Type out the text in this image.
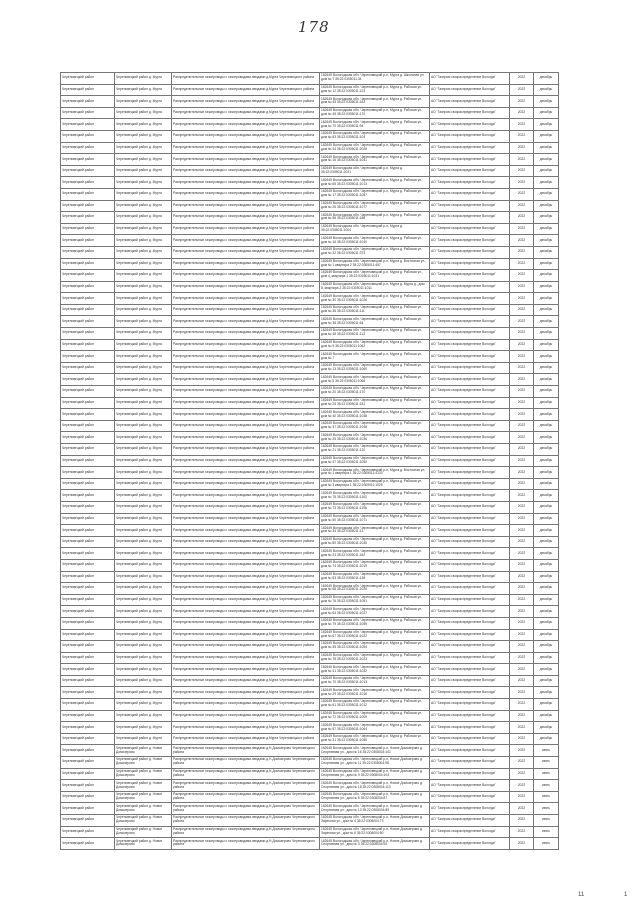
178
Череповецкий район	Череповецкий район д. Мурга	Распределительные газопроводы с газопроводами-вводами д.Мурга Череповецкого района	162649 Вологодская обл. Череповецкий р-н, Мурга д. Школьная ул. дом № 7 35:22:0305011:34	АО "Газпром газораспределение Вологда"	2022	декабрь
Череповецкий район	Череповецкий район д. Мурга	Распределительные газопроводы с газопроводами-вводами д.Мурга Череповецкого района	162649 Вологодская обл. Череповецкий р-н, Мурга д. Рабочая ул. дом № 12 35:22:0305011:123	АО "Газпром газораспределение Вологда"	2022	декабрь
Череповецкий район	Череповецкий район д. Мурга	Распределительные газопроводы с газопроводами-вводами д.Мурга Череповецкого района	162649 Вологодская обл. Череповецкий р-н, Мурга д. Рабочая ул. дом № 45 35:22:0305011:182	АО "Газпром газораспределение Вологда"	2022	декабрь
Череповецкий район	Череповецкий район д. Мурга	Распределительные газопроводы с газопроводами-вводами д.Мурга Череповецкого района	162649 Вологодская обл. Череповецкий р-н, Мурга д. Рабочая ул. дом № 49 35:22:0305011:170	АО "Газпром газораспределение Вологда"	2022	декабрь
Череповецкий район	Череповецкий район д. Мурга	Распределительные газопроводы с газопроводами-вводами д.Мурга Череповецкого района	162649 Вологодская обл. Череповецкий р-н, Мурга д. Рабочая ул. дом № 70 35:22:0305011:94	АО "Газпром газораспределение Вологда"	2022	декабрь
Череповецкий район	Череповецкий район д. Мурга	Распределительные газопроводы с газопроводами-вводами д.Мурга Череповецкого района	162649 Вологодская обл. Череповецкий р-н, Мурга д. Рабочая ул. дом № 83 35:22:0305011:104	АО "Газпром газораспределение Вологда"	2022	декабрь
Череповецкий район	Череповецкий район д. Мурга	Распределительные газопроводы с газопроводами-вводами д.Мурга Череповецкого района	162649 Вологодская обл. Череповецкий р-н, Мурга д. Рабочая ул. дом № 44 35:22:0305011:2028	АО "Газпром газораспределение Вологда"	2022	декабрь
Череповецкий район	Череповецкий район д. Мурга	Распределительные газопроводы с газопроводами-вводами д.Мурга Череповецкого района	162649 Вологодская обл. Череповецкий р-н, Мурга д. Рабочая ул. дом № 16 35:22:0305011:1041	АО "Газпром газораспределение Вологда"	2022	декабрь
Череповецкий район	Череповецкий район д. Мурга	Распределительные газопроводы с газопроводами-вводами д.Мурга Череповецкого района	162649 Вологодская обл. Череповецкий р-н, Мурга д. 35:22:0305011:2021	АО "Газпром газораспределение Вологда"	2022	декабрь
Череповецкий район	Череповецкий район д. Мурга	Распределительные газопроводы с газопроводами-вводами д.Мурга Череповецкого района	162649 Вологодская обл. Череповецкий р-н, Мурга д. Рабочая ул. дом № 65 35:22:0305011:1013	АО "Газпром газораспределение Вологда"	2022	декабрь
Череповецкий район	Череповецкий район д. Мурга	Распределительные газопроводы с газопроводами-вводами д.Мурга Череповецкого района	162649 Вологодская обл. Череповецкий р-н, Мурга д. Рабочая ул. дом № 17 35:22:0305011:1057	АО "Газпром газораспределение Вологда"	2022	декабрь
Череповецкий район	Череповецкий район д. Мурга	Распределительные газопроводы с газопроводами-вводами д.Мурга Череповецкого района	162649 Вологодская обл. Череповецкий р-н, Мурга д. Рабочая ул. дом № 26 35:22:0305011:1077	АО "Газпром газораспределение Вологда"	2022	декабрь
Череповецкий район	Череповецкий район д. Мурга	Распределительные газопроводы с газопроводами-вводами д.Мурга Череповецкого района	162649 Вологодская обл. Череповецкий р-н, Мурга д. Рабочая ул. дом № 56 35:22:0305011:186	АО "Газпром газораспределение Вологда"	2022	декабрь
Череповецкий район	Череповецкий район д. Мурга	Распределительные газопроводы с газопроводами-вводами д.Мурга Череповецкого района	162649 Вологодская обл. Череповецкий р-н, Мурга д. 35:22:0305011:1004	АО "Газпром газораспределение Вологда"	2022	декабрь
Череповецкий район	Череповецкий район д. Мурга	Распределительные газопроводы с газопроводами-вводами д.Мурга Череповецкого района	162649 Вологодская обл. Череповецкий р-н, Мурга д. Рабочая ул. дом № 16 35:22:0305011:1040	АО "Газпром газораспределение Вологда"	2022	декабрь
Череповецкий район	Череповецкий район д. Мурга	Распределительные газопроводы с газопроводами-вводами д.Мурга Череповецкого района	162649 Вологодская обл. Череповецкий р-н, Мурга д. Рабочая ул. дом № 32 35:22:0305011:373	АО "Газпром газораспределение Вологда"	2022	декабрь
Череповецкий район	Череповецкий район д. Мурга	Распределительные газопроводы с газопроводами-вводами д.Мурга Череповецкого района	162649 Вологодская обл. Череповецкий р-н, Мурга д. Восточная ул., дом № 1 квартира 2 35:22:0305011:497	АО "Газпром газораспределение Вологда"	2022	декабрь
Череповецкий район	Череповецкий район д. Мурга	Распределительные газопроводы с газопроводами-вводами д.Мурга Череповецкого района	162649 Вологодская обл. Череповецкий р-н, Мурга д. Рабочая ул., дом 4, квартира 1 35:22:0305011:1031	АО "Газпром газораспределение Вологда"	2022	декабрь
Череповецкий район	Череповецкий район д. Мурга	Распределительные газопроводы с газопроводами-вводами д.Мурга Череповецкого района	162649 Вологодская обл. Череповецкий р-н, Мурга д. Мурга д., дом 8, квартира 2 35:22:0305011:1011	АО "Газпром газораспределение Вологда"	2022	декабрь
Череповецкий район	Череповецкий район д. Мурга	Распределительные газопроводы с газопроводами-вводами д.Мурга Череповецкого района	162649 Вологодская обл. Череповецкий р-н, Мурга д. Рабочая ул. дом № 30 35:22:0305011:1026	АО "Газпром газораспределение Вологда"	2022	декабрь
Череповецкий район	Череповецкий район д. Мурга	Распределительные газопроводы с газопроводами-вводами д.Мурга Череповецкого района	162649 Вологодская обл. Череповецкий р-н, Мурга д. Рабочая ул. дом № 36 35:22:0305011:111	АО "Газпром газораспределение Вологда"	2022	декабрь
Череповецкий район	Череповецкий район д. Мурга	Распределительные газопроводы с газопроводами-вводами д.Мурга Череповецкого района	162649 Вологодская обл. Череповецкий р-н, Мурга д. Рабочая ул. дом № 38 35:22:0305011:64	АО "Газпром газораспределение Вологда"	2022	декабрь
Череповецкий район	Череповецкий район д. Мурга	Распределительные газопроводы с газопроводами-вводами д.Мурга Череповецкого района	162649 Вологодская обл. Череповецкий р-н, Мурга д. Рабочая ул. дом № 48 35:22:0305011:113	АО "Газпром газораспределение Вологда"	2022	декабрь
Череповецкий район	Череповецкий район д. Мурга	Распределительные газопроводы с газопроводами-вводами д.Мурга Череповецкого района	162649 Вологодская обл. Череповецкий р-н, Мурга д. Рабочая ул. дом № 9 35:22:0305011:1062	АО "Газпром газораспределение Вологда"	2022	декабрь
Череповецкий район	Череповецкий район д. Мурга	Распределительные газопроводы с газопроводами-вводами д.Мурга Череповецкого района	162649 Вологодская обл. Череповецкий р-н, Мурга д. Рабочая ул. дом № 7	АО "Газпром газораспределение Вологда"	2022	декабрь
Череповецкий район	Череповецкий район д. Мурга	Распределительные газопроводы с газопроводами-вводами д.Мурга Череповецкого района	162649 Вологодская обл. Череповецкий р-н, Мурга д. Рабочая ул. дом № 13 35:22:0305011:1060	АО "Газпром газораспределение Вологда"	2022	декабрь
Череповецкий район	Череповецкий район д. Мурга	Распределительные газопроводы с газопроводами-вводами д.Мурга Череповецкого района	162649 Вологодская обл. Череповецкий р-н, Мурга д. Рабочая ул. дом № 5 35:22:0305011:1066	АО "Газпром газораспределение Вологда"	2022	декабрь
Череповецкий район	Череповецкий район д. Мурга	Распределительные газопроводы с газопроводами-вводами д.Мурга Череповецкого района	162649 Вологодская обл. Череповецкий р-н, Мурга д. Рабочая ул. дом № 20 35:22:0305011:170	АО "Газпром газораспределение Вологда"	2022	декабрь
Череповецкий район	Череповецкий район д. Мурга	Распределительные газопроводы с газопроводами-вводами д.Мурга Череповецкого района	162649 Вологодская обл. Череповецкий р-н, Мурга д. Рабочая ул. дом № 25 35:22:0305011:181	АО "Газпром газораспределение Вологда"	2022	декабрь
Череповецкий район	Череповецкий район д. Мурга	Распределительные газопроводы с газопроводами-вводами д.Мурга Череповецкого района	162649 Вологодская обл. Череповецкий р-н, Мурга д. Рабочая ул. дом № 40 35:22:0305011:1038	АО "Газпром газораспределение Вологда"	2022	декабрь
Череповецкий район	Череповецкий район д. Мурга	Распределительные газопроводы с газопроводами-вводами д.Мурга Череповецкого района	162649 Вологодская обл. Череповецкий р-н, Мурга д. Рабочая ул. дом № 37 35:22:0305011:1048	АО "Газпром газораспределение Вологда"	2022	декабрь
Череповецкий район	Череповецкий район д. Мурга	Распределительные газопроводы с газопроводами-вводами д.Мурга Череповецкого района	162649 Вологодская обл. Череповецкий р-н, Мурга д. Рабочая ул. дом № 25 35:22:0305011:1036	АО "Газпром газораспределение Вологда"	2022	декабрь
Череповецкий район	Череповецкий район д. Мурга	Распределительные газопроводы с газопроводами-вводами д.Мурга Череповецкого района	162649 Вологодская обл. Череповецкий р-н, Мурга д. Рабочая ул. дом № 21 35:22:0305011:120	АО "Газпром газораспределение Вологда"	2022	декабрь
Череповецкий район	Череповецкий район д. Мурга	Распределительные газопроводы с газопроводами-вводами д.Мурга Череповецкого района	162649 Вологодская обл. Череповецкий р-н, Мурга д. Рабочая ул. дом № 47 35:22:0305011:1050	АО "Газпром газораспределение Вологда"	2022	декабрь
Череповецкий район	Череповецкий район д. Мурга	Распределительные газопроводы с газопроводами-вводами д.Мурга Череповецкого района	162649 Вологодская обл. Череповецкий р-н, Мурга д. Восточная ул. дом № 1 квартира 1 35:22:0305011:4133	АО "Газпром газораспределение Вологда"	2022	декабрь
Череповецкий район	Череповецкий район д. Мурга	Распределительные газопроводы с газопроводами-вводами д.Мурга Череповецкого района	162649 Вологодская обл. Череповецкий р-н, Мурга д. Рабочая ул. дом № 3 квартира 1 35:22:0305011:1025	АО "Газпром газораспределение Вологда"	2022	декабрь
Череповецкий район	Череповецкий район д. Мурга	Распределительные газопроводы с газопроводами-вводами д.Мурга Череповецкого района	162649 Вологодская обл. Череповецкий р-н, Мурга д. Рабочая ул. дом № 75 35:22:0305011:1163	АО "Газпром газораспределение Вологда"	2022	декабрь
Череповецкий район	Череповецкий район д. Мурга	Распределительные газопроводы с газопроводами-вводами д.Мурга Череповецкого района	162649 Вологодская обл. Череповецкий р-н, Мурга д. Рабочая ул. дом № 73 35:22:0305011:1196	АО "Газпром газораспределение Вологда"	2022	декабрь
Череповецкий район	Череповецкий район д. Мурга	Распределительные газопроводы с газопроводами-вводами д.Мурга Череповецкого района	162649 Вологодская обл. Череповецкий р-н, Мурга д. Рабочая ул. дом № 50 35:22:0305011:1071	АО "Газпром газораспределение Вологда"	2022	декабрь
Череповецкий район	Череповецкий район д. Мурга	Распределительные газопроводы с газопроводами-вводами д.Мурга Череповецкого района	162649 Вологодская обл. Череповецкий р-н, Мурга д. Рабочая ул. дом № 34 35:22:0305011:13	АО "Газпром газораспределение Вологда"	2022	декабрь
Череповецкий район	Череповецкий район д. Мурга	Распределительные газопроводы с газопроводами-вводами д.Мурга Череповецкого района	162649 Вологодская обл. Череповецкий р-н, Мурга д. Рабочая ул. дом № 80 35:22:0305011:1035	АО "Газпром газораспределение Вологда"	2022	декабрь
Череповецкий район	Череповецкий район д. Мурга	Распределительные газопроводы с газопроводами-вводами д.Мурга Череповецкого района	162649 Вологодская обл. Череповецкий р-н, Мурга д. Рабочая ул. дом № 23 35:22:0305011:182	АО "Газпром газораспределение Вологда"	2022	декабрь
Череповецкий район	Череповецкий район д. Мурга	Распределительные газопроводы с газопроводами-вводами д.Мурга Череповецкого района	162649 Вологодская обл. Череповецкий р-н, Мурга д. Рабочая ул. дом № 74 35:22:0305011:1019	АО "Газпром газораспределение Вологда"	2022	декабрь
Череповецкий район	Череповецкий район д. Мурга	Распределительные газопроводы с газопроводами-вводами д.Мурга Череповецкого района	162649 Вологодская обл. Череповецкий р-н, Мурга д. Рабочая ул. дом № 53 35:22:0305011:138	АО "Газпром газораспределение Вологда"	2022	декабрь
Череповецкий район	Череповецкий район д. Мурга	Распределительные газопроводы с газопроводами-вводами д.Мурга Череповецкого района	162649 Вологодская обл. Череповецкий р-н, Мурга д. Рабочая ул. дом № 58 35:22:0305011:1020	АО "Газпром газораспределение Вологда"	2022	декабрь
Череповецкий район	Череповецкий район д. Мурга	Распределительные газопроводы с газопроводами-вводами д.Мурга Череповецкого района	162649 Вологодская обл. Череповецкий р-н, Мурга д. Рабочая ул. дом № 76 35:22:0305011:1051	АО "Газпром газораспределение Вологда"	2022	декабрь
Череповецкий район	Череповецкий район д. Мурга	Распределительные газопроводы с газопроводами-вводами д.Мурга Череповецкого района	162649 Вологодская обл. Череповецкий р-н, Мурга д. Рабочая ул. дом № 64 35:22:0305011:1027	АО "Газпром газораспределение Вологда"	2022	декабрь
Череповецкий район	Череповецкий район д. Мурга	Распределительные газопроводы с газопроводами-вводами д.Мурга Череповецкого района	162649 Вологодская обл. Череповецкий р-н, Мурга д. Рабочая ул. дом № 79 35:22:0305011:1059	АО "Газпром газораспределение Вологда"	2022	декабрь
Череповецкий район	Череповецкий район д. Мурга	Распределительные газопроводы с газопроводами-вводами д.Мурга Череповецкого района	162649 Вологодская обл. Череповецкий р-н, Мурга д. Рабочая ул. дом № 67 35:22:0305011:1022	АО "Газпром газораспределение Вологда"	2022	декабрь
Череповецкий район	Череповецкий район д. Мурга	Распределительные газопроводы с газопроводами-вводами д.Мурга Череповецкого района	162649 Вологодская обл. Череповецкий р-н, Мурга д. Рабочая ул. дом № 35 35:22:0305011:1054	АО "Газпром газораспределение Вологда"	2022	декабрь
Череповецкий район	Череповецкий район д. Мурга	Распределительные газопроводы с газопроводами-вводами д.Мурга Череповецкого района	162649 Вологодская обл. Череповецкий р-н, Мурга д. Рабочая ул. дом № 78 35:22:0305011:1023	АО "Газпром газораспределение Вологда"	2022	декабрь
Череповецкий район	Череповецкий район д. Мурга	Распределительные газопроводы с газопроводами-вводами д.Мурга Череповецкого района	162649 Вологодская обл. Череповецкий р-н, Мурга д. Рабочая ул. дом № 41 35:22:0305011:1032	АО "Газпром газораспределение Вологда"	2022	декабрь
Череповецкий район	Череповецкий район д. Мурга	Распределительные газопроводы с газопроводами-вводами д.Мурга Череповецкого района	162649 Вологодская обл. Череповецкий р-н, Мурга д. Рабочая ул. дом № 70 35:22:0305011:1013	АО "Газпром газораспределение Вологда"	2022	декабрь
Череповецкий район	Череповецкий район д. Мурга	Распределительные газопроводы с газопроводами-вводами д.Мурга Череповецкого района	162649 Вологодская обл. Череповецкий р-н, Мурга д. Рабочая ул. дом № 29 35:22:0305011:1016	АО "Газпром газораспределение Вологда"	2022	декабрь
Череповецкий район	Череповецкий район д. Мурга	Распределительные газопроводы с газопроводами-вводами д.Мурга Череповецкого района	162649 Вологодская обл. Череповецкий р-н, Мурга д. Рабочая ул. дом № 61 35:22:0305011:1012	АО "Газпром газораспределение Вологда"	2022	декабрь
Череповецкий район	Череповецкий район д. Мурга	Распределительные газопроводы с газопроводами-вводами д.Мурга Череповецкого района	162649 Вологодская обл. Череповецкий р-н, Мурга д. Рабочая ул. дом № 72 35:22:0305011:1009	АО "Газпром газораспределение Вологда"	2022	декабрь
Череповецкий район	Череповецкий район д. Мурга	Распределительные газопроводы с газопроводами-вводами д.Мурга Череповецкого района	162649 Вологодская обл. Череповецкий р-н, Мурга д. Рабочая ул. дом № 57 35:22:0305011:1064	АО "Газпром газораспределение Вологда"	2022	декабрь
Череповецкий район	Череповецкий район д. Мурга	Распределительные газопроводы с газопроводами-вводами д.Мурга Череповецкого района	162649 Вологодская обл. Череповецкий р-н, Мурга д. Рабочая ул. дом № 31 35:22:0305011:1055	АО "Газпром газораспределение Вологда"	2022	декабрь
Череповецкий район	Череповецкий район д. Новое Домозерово	Распределительные газопроводы с газопроводами-вводами д.Н.Домозерово Череповецкого района	162645 Вологодская обл. Череповецкий р-н, Новое Домозерово д. Спортивная ул., дом № 16 35:22:0308004:101	АО "Газпром газораспределение Вологда"	2022	июнь
Череповецкий район	Череповецкий район д. Новое Домозерово	Распределительные газопроводы с газопроводами-вводами д.Н.Домозерово Череповецкого района	162645 Вологодская обл. Череповецкий р-н, Новое Домозерово д. Спортивная ул., дом № 11 35:22:0308004:98	АО "Газпром газораспределение Вологда"	2022	июнь
Череповецкий район	Череповецкий район д. Новое Домозерово	Распределительные газопроводы с газопроводами-вводами д.Н.Домозерово Череповецкого района	162645 Вологодская обл. Череповецкий р-н, Новое Домозерово д. Спортивная ул., дом № 9 35:22:0308004:104	АО "Газпром газораспределение Вологда"	2022	июнь
Череповецкий район	Череповецкий район д. Новое Домозерово	Распределительные газопроводы с газопроводами-вводами д.Н.Домозерово Череповецкого района	162645 Вологодская обл. Череповецкий р-н, Новое Домозерово д. Спортивная ул., дом № 18 35:22:0308004:113	АО "Газпром газораспределение Вологда"	2022	июнь
Череповецкий район	Череповецкий район д. Новое Домозерово	Распределительные газопроводы с газопроводами-вводами д.Н.Домозерово Череповецкого района	162645 Вологодская обл. Череповецкий р-н, Новое Домозерово д. Спортивная ул., дом № 5 35:22:0308004:87	АО "Газпром газораспределение Вологда"	2022	июнь
Череповецкий район	Череповецкий район д. Новое Домозерово	Распределительные газопроводы с газопроводами-вводами д.Н.Домозерово Череповецкого района	162645 Вологодская обл. Череповецкий р-н, Новое Домозерово д. Спортивная ул., дом № 13 35:22:0308004:89	АО "Газпром газораспределение Вологда"	2022	июнь
Череповецкий район	Череповецкий район д. Новое Домозерово	Распределительные газопроводы с газопроводами-вводами д.Н.Домозерово Череповецкого района	162645 Вологодская обл. Череповецкий р-н, Новое Домозерово д. Заречная ул., дом № 4 35:22:0308004:73	АО "Газпром газораспределение Вологда"	2022	июнь
Череповецкий район	Череповецкий район д. Новое Домозерово	Распределительные газопроводы с газопроводами-вводами д.Н.Домозерово Череповецкого района	162645 Вологодская обл. Череповецкий р-н, Новое Домозерово д. Заречная ул., дом № 8 35:22:0308004:80	АО "Газпром газораспределение Вологда"	2022	июнь
Череповецкий район	Череповецкий район д. Новое Домозерово	Распределительные газопроводы с газопроводами-вводами д.Н.Домозерово Череповецкого района	162645 Вологодская обл. Череповецкий р-н, Новое Домозерово д. Спортивная ул., дом № 3 35:22:0308004:92	АО "Газпром газораспределение Вологда"	2022	июнь
11	1
